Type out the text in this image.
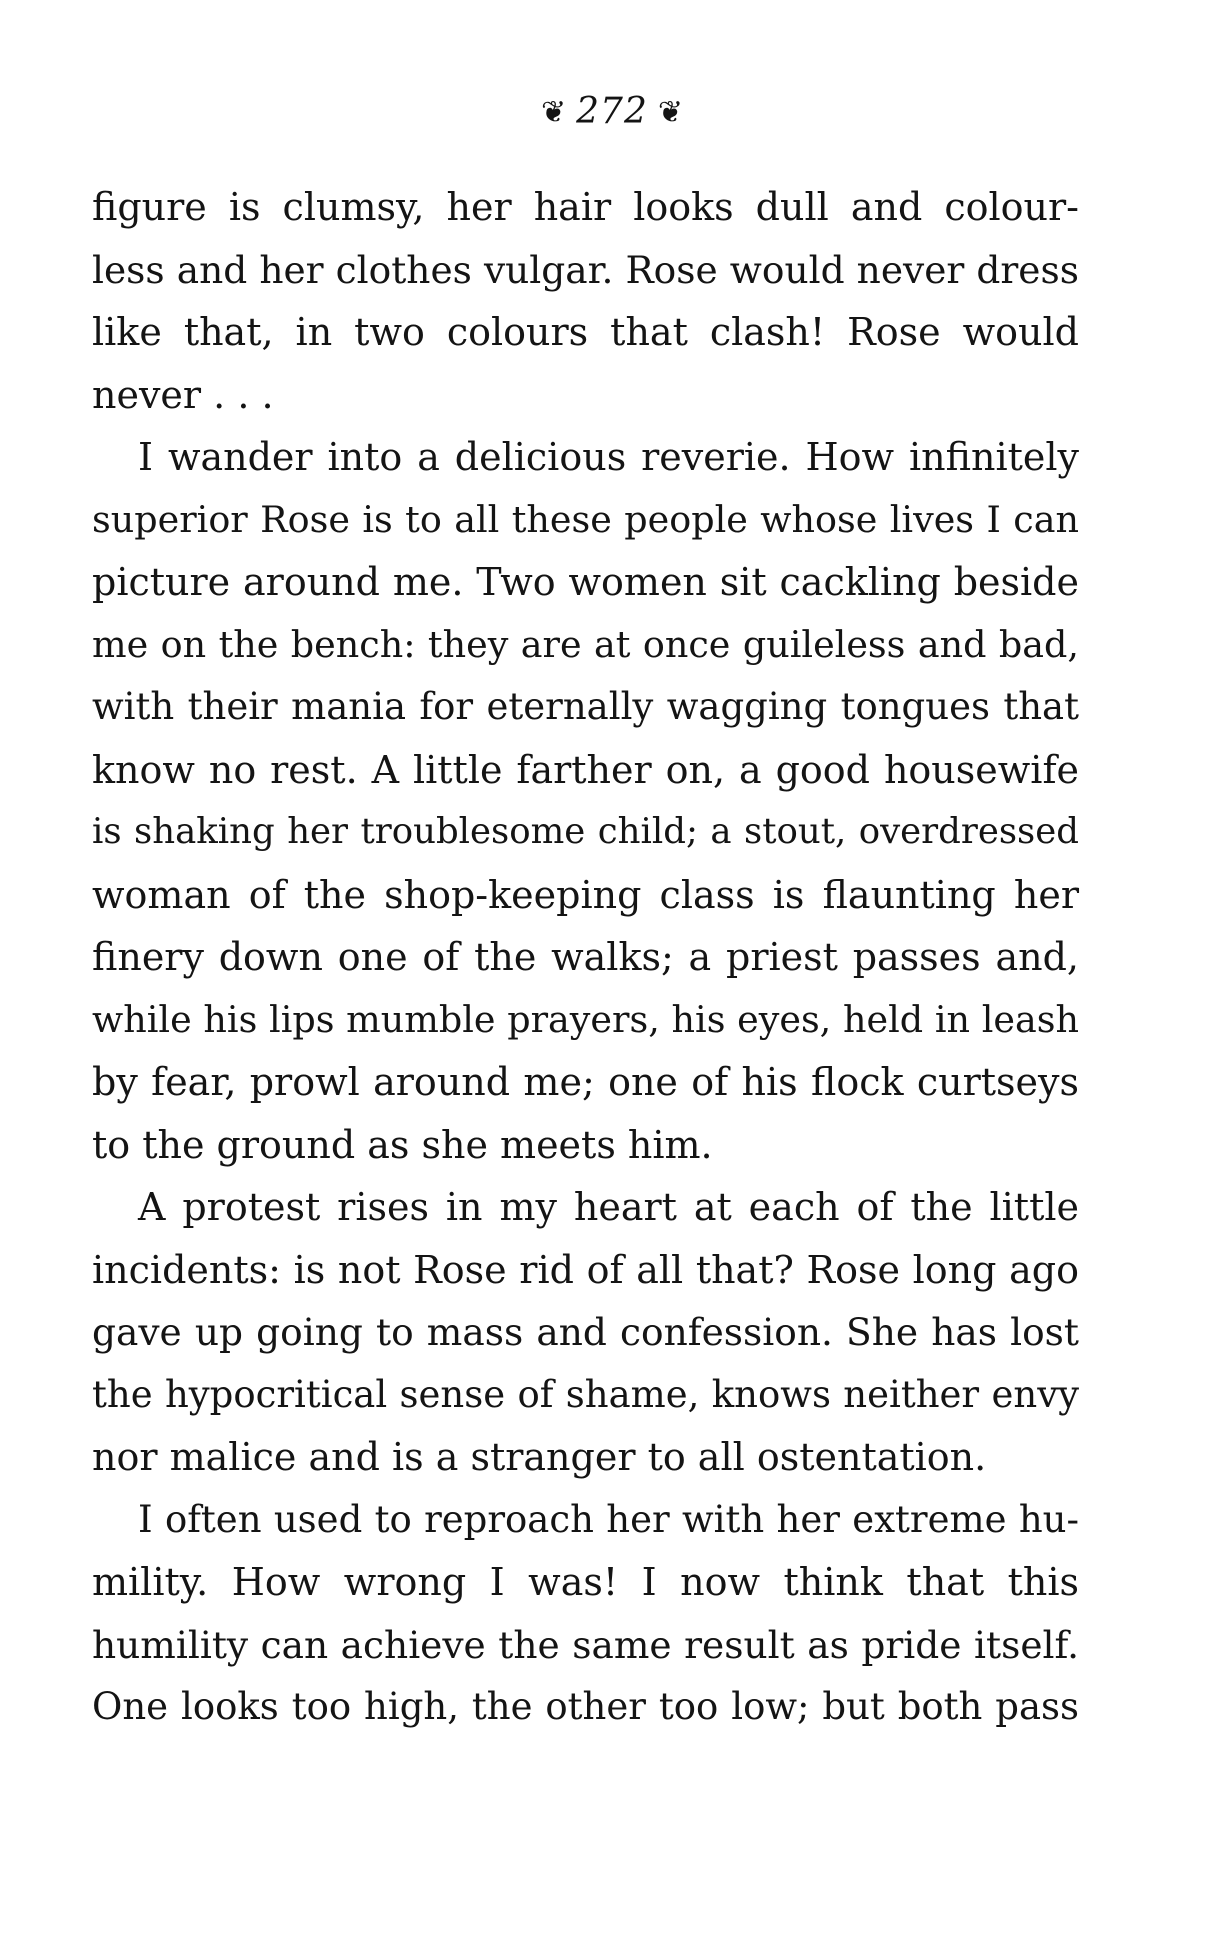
❦ 272 ❦
figure is clumsy, her hair looks dull and colour-
less and her clothes vulgar. Rose would never dress
like that, in two colours that clash! Rose would
never . . .
I wander into a delicious reverie. How infinitely
superior Rose is to all these people whose lives I can
picture around me. Two women sit cackling beside
me on the bench: they are at once guileless and bad,
with their mania for eternally wagging tongues that
know no rest. A little farther on, a good housewife
is shaking her troublesome child; a stout, overdressed
woman of the shop-keeping class is flaunting her
finery down one of the walks; a priest passes and,
while his lips mumble prayers, his eyes, held in leash
by fear, prowl around me; one of his flock curtseys
to the ground as she meets him.
A protest rises in my heart at each of the little
incidents: is not Rose rid of all that? Rose long ago
gave up going to mass and confession. She has lost
the hypocritical sense of shame, knows neither envy
nor malice and is a stranger to all ostentation.
I often used to reproach her with her extreme hu-
mility. How wrong I was! I now think that this
humility can achieve the same result as pride itself.
One looks too high, the other too low; but both pass
